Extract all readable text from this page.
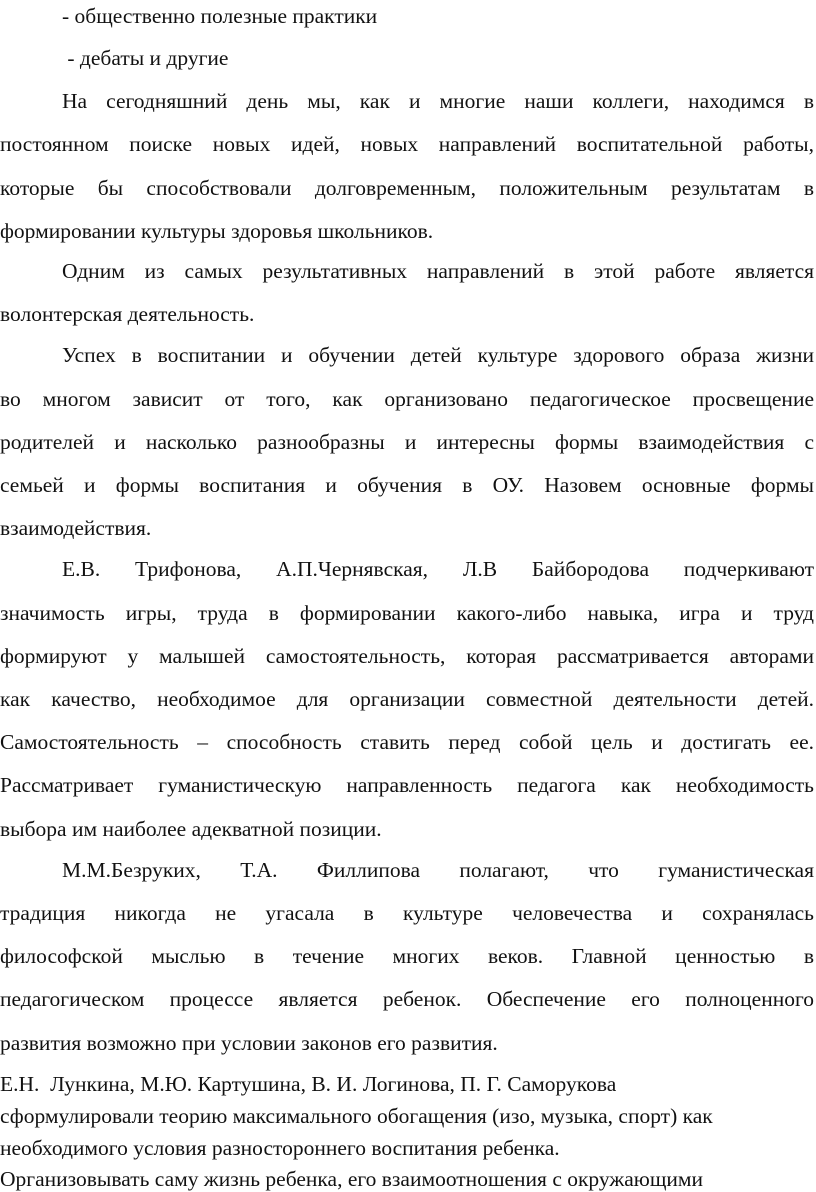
- общественно полезные практики
- дебаты и другие
На сегодняшний день мы, как и многие наши коллеги, находимся в
постоянном поиске новых идей, новых направлений воспитательной работы,
которые бы способствовали долговременным, положительным результатам в
формировании культуры здоровья школьников.
Одним из самых результативных направлений в этой работе является
волонтерская деятельность.
Успех в воспитании и обучении детей культуре здорового образа жизни
во многом зависит от того, как организовано педагогическое просвещение
родителей и насколько разнообразны и интересны формы взаимодействия с
семьей и формы воспитания и обучения в ОУ. Назовем основные формы
взаимодействия.
Е.В. Трифонова, А.П.Чернявская, Л.В Байбородова подчеркивают
значимость игры, труда в формировании какого-либо навыка, игра и труд
формируют у малышей самостоятельность, которая рассматривается авторами
как качество, необходимое для организации совместной деятельности детей.
Самостоятельность – способность ставить перед собой цель и достигать ее.
Рассматривает гуманистическую направленность педагога как необходимость
выбора им наиболее адекватной позиции.
М.М.Безруких, Т.А. Филлипова полагают, что гуманистическая
традиция никогда не угасала в культуре человечества и сохранялась
философской мыслью в течение многих веков. Главной ценностью в
педагогическом процессе является ребенок. Обеспечение его полноценного
развития возможно при условии законов его развития.
Е.Н.  Лункина, М.Ю. Картушина, В. И. Логинова, П. Г. Саморукова
сформулировали теорию максимального обогащения (изо, музыка, спорт) как
необходимого условия разностороннего воспитания ребенка.
Организовывать саму жизнь ребенка, его взаимоотношения с окружающими
